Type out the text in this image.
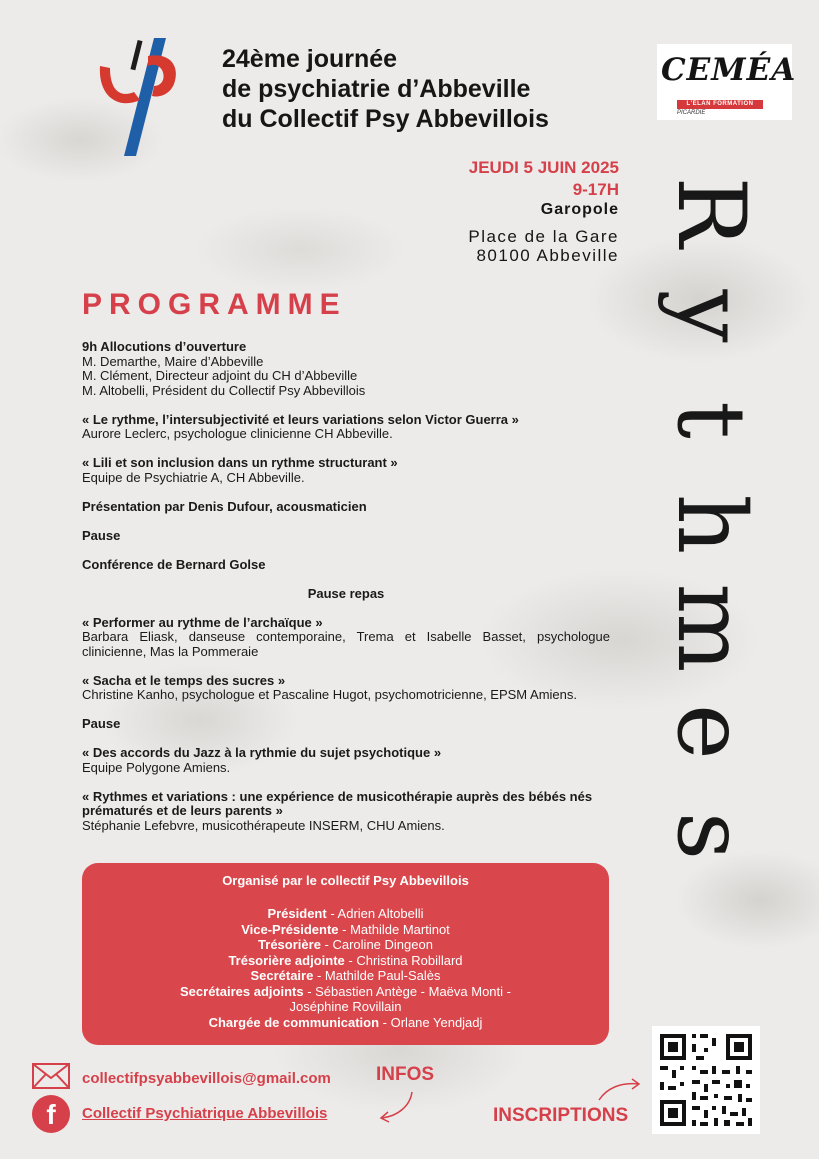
24ème journée
de psychiatrie d’Abbeville
du Collectif Psy Abbevillois
CEMÉA
L'ÉLAN FORMATION
PICARDIE
JEUDI 5 JUIN 2025
9-17H
Garopole
Place de la Gare
80100 Abbeville
R
y
t
h
m
e
s
PROGRAMME
9h Allocutions d’ouverture
M. Demarthe, Maire d’Abbeville
M. Clément, Directeur adjoint du CH d’Abbeville
M. Altobelli, Président du Collectif Psy Abbevillois
« Le rythme, l’intersubjectivité et leurs variations selon Victor Guerra »
Aurore Leclerc, psychologue clinicienne CH Abbeville.
« Lili et son inclusion dans un rythme structurant »
Equipe de Psychiatrie A, CH Abbeville.
Présentation par Denis Dufour, acousmaticien
Pause
Conférence de Bernard Golse
Pause repas
« Performer au rythme de l’archaïque »
Barbara Eliask, danseuse contemporaine, Trema et Isabelle Basset, psychologue clinicienne, Mas la Pommeraie
« Sacha et le temps des sucres »
Christine Kanho, psychologue et Pascaline Hugot, psychomotricienne, EPSM Amiens.
Pause
« Des accords du Jazz à la rythmie du sujet psychotique »
Equipe Polygone Amiens.
« Rythmes et variations : une expérience de musicothérapie auprès des bébés nés prématurés et de leurs parents »
Stéphanie Lefebvre, musicothérapeute INSERM, CHU Amiens.
Organisé par le collectif Psy Abbevillois
Président - Adrien Altobelli
Vice-Présidente - Mathilde Martinot
Trésorière - Caroline Dingeon
Trésorière adjointe - Christina Robillard
Secrétaire - Mathilde Paul-Salès
Secrétaires adjoints - Sébastien Antège - Maëva Monti -
Joséphine Rovillain
Chargée de communication - Orlane Yendjadj
collectifpsyabbevillois@gmail.com
f	Collectif Psychiatrique Abbevillois
INFOS
INSCRIPTIONS
